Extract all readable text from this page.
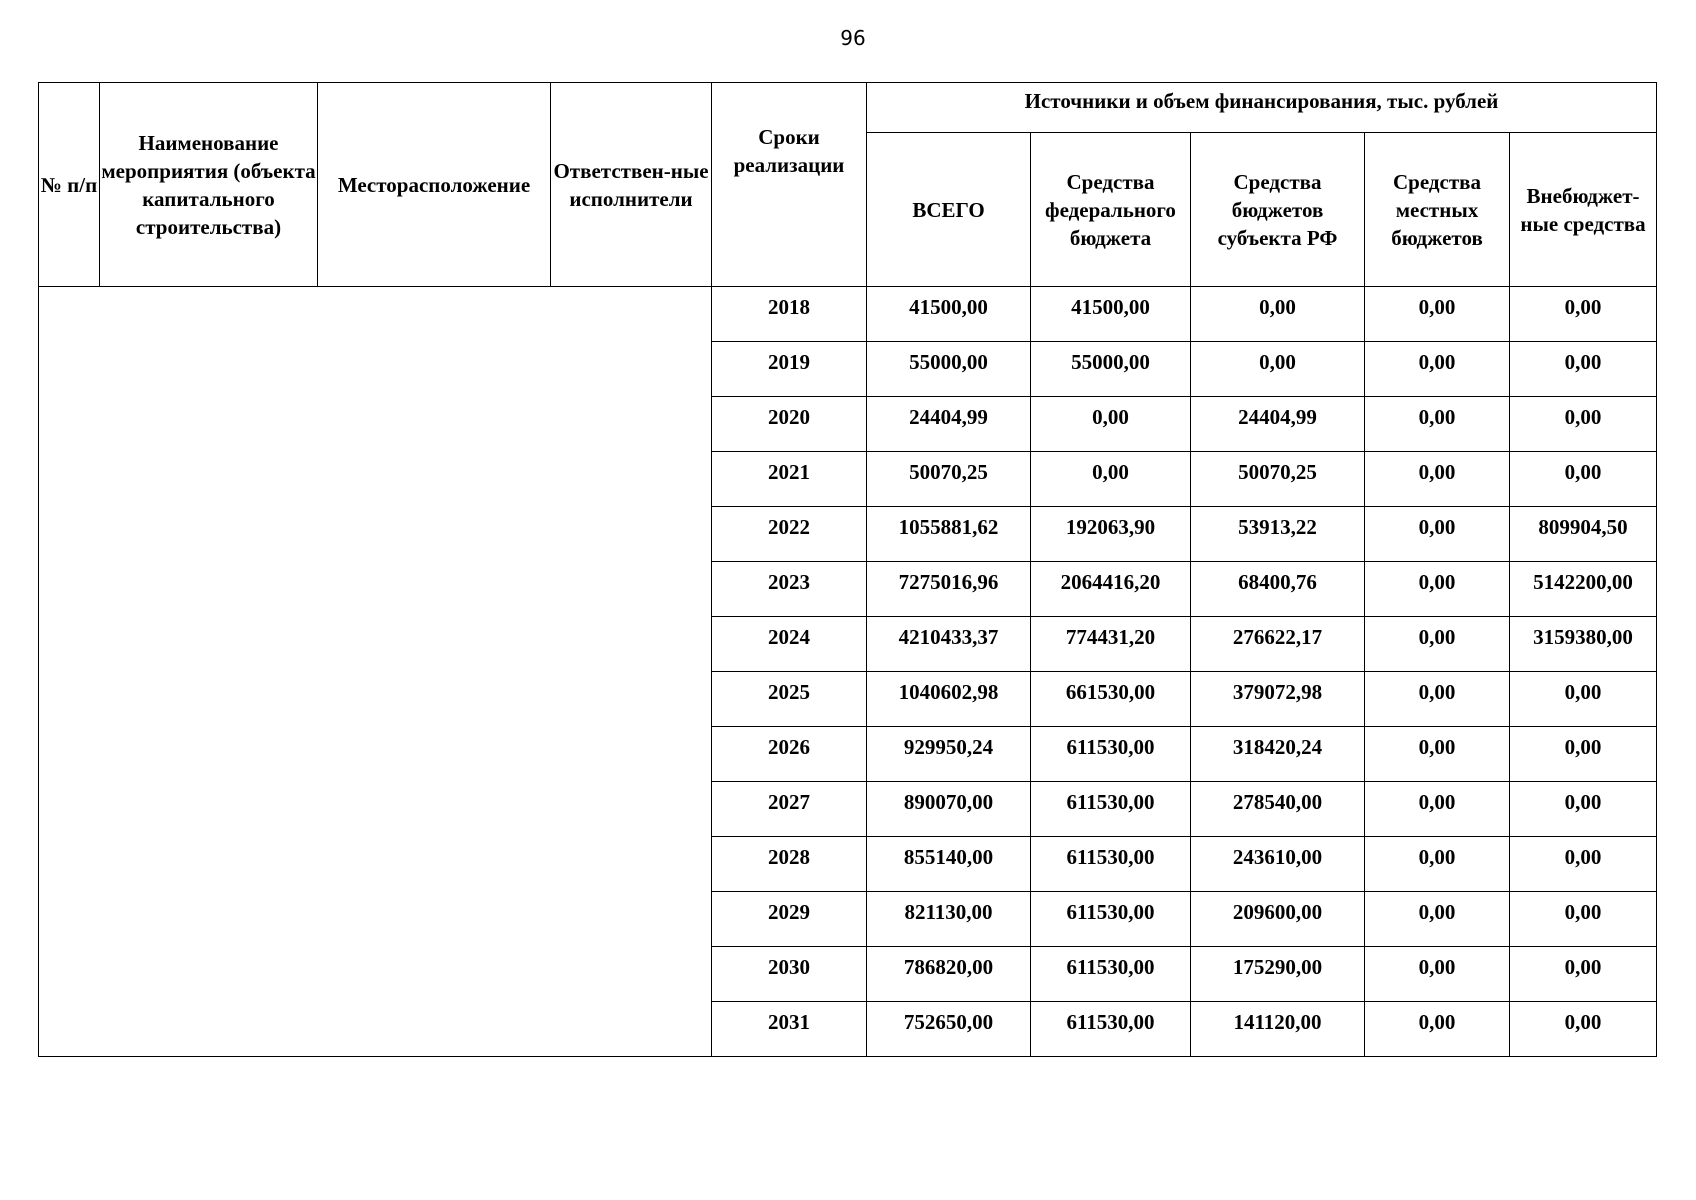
96
№ п/п	Наименование мероприятия (объекта капитального строительства)	Месторасположение	Ответствен-ные исполнители	Сроки реализации	Источники и объем финансирования, тыс. рублей				
					ВСЕГО	Средства федерального бюджета	Средства бюджетов субъекта РФ	Средства местных бюджетов	Внебюджет-ные средства
				2018	41500,00	41500,00	0,00	0,00	0,00
				2019	55000,00	55000,00	0,00	0,00	0,00
				2020	24404,99	0,00	24404,99	0,00	0,00
				2021	50070,25	0,00	50070,25	0,00	0,00
				2022	1055881,62	192063,90	53913,22	0,00	809904,50
				2023	7275016,96	2064416,20	68400,76	0,00	5142200,00
				2024	4210433,37	774431,20	276622,17	0,00	3159380,00
				2025	1040602,98	661530,00	379072,98	0,00	0,00
				2026	929950,24	611530,00	318420,24	0,00	0,00
				2027	890070,00	611530,00	278540,00	0,00	0,00
				2028	855140,00	611530,00	243610,00	0,00	0,00
				2029	821130,00	611530,00	209600,00	0,00	0,00
				2030	786820,00	611530,00	175290,00	0,00	0,00
				2031	752650,00	611530,00	141120,00	0,00	0,00
